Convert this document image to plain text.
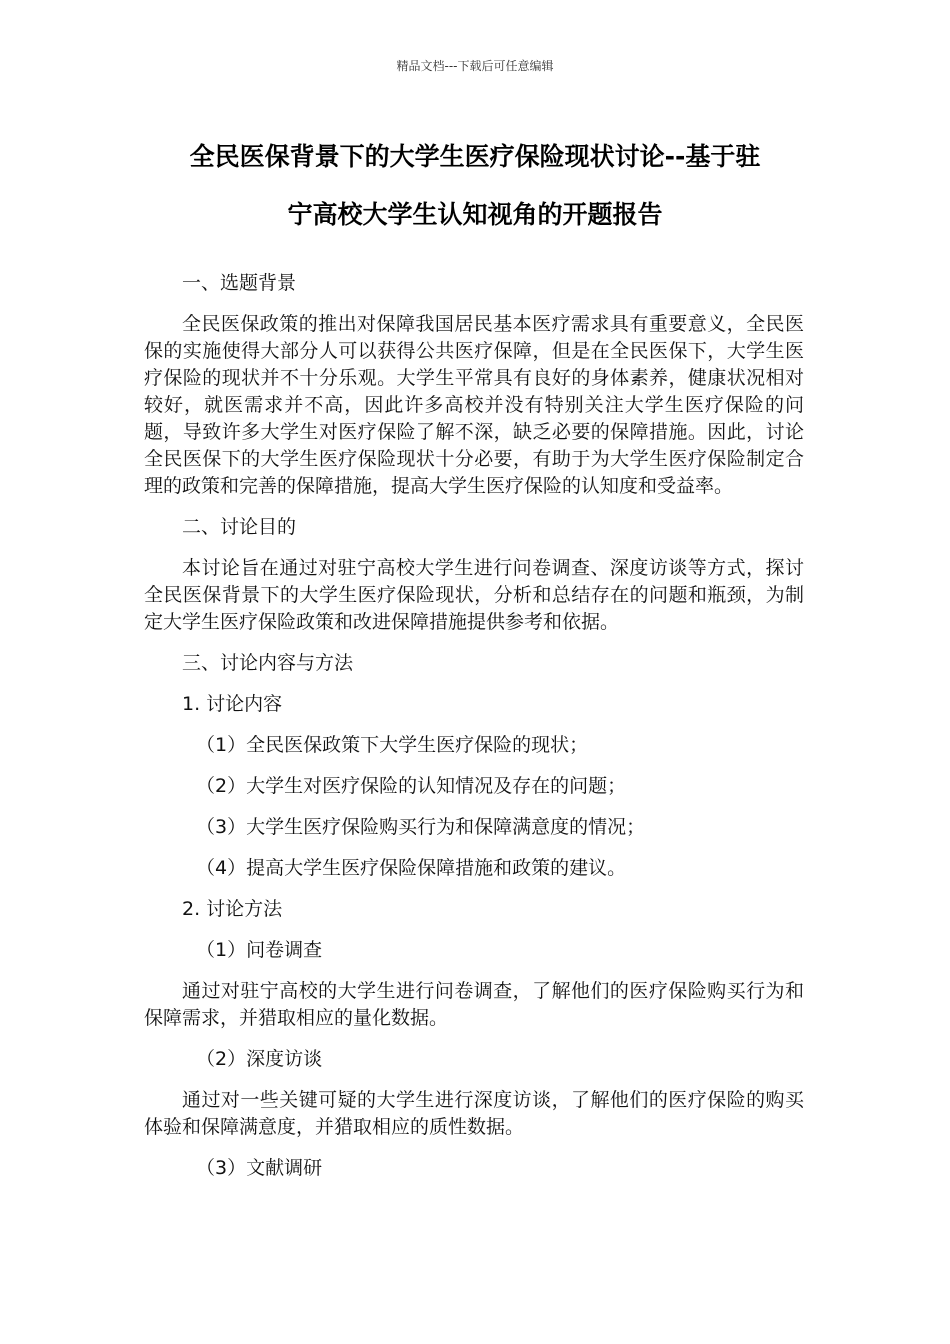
精品文档---下载后可任意编辑
全民医保背景下的大学生医疗保险现状讨论--基于驻
宁高校大学生认知视角的开题报告

一、选题背景

全民医保政策的推出对保障我国居民基本医疗需求具有重要意义，全民医保的实施使得大部分人可以获得公共医疗保障，但是在全民医保下，大学生医疗保险的现状并不十分乐观。大学生平常具有良好的身体素养，健康状况相对较好，就医需求并不高，因此许多高校并没有特别关注大学生医疗保险的问题，导致许多大学生对医疗保险了解不深，缺乏必要的保障措施。因此，讨论全民医保下的大学生医疗保险现状十分必要，有助于为大学生医疗保险制定合理的政策和完善的保障措施，提高大学生医疗保险的认知度和受益率。

二、讨论目的

本讨论旨在通过对驻宁高校大学生进行问卷调查、深度访谈等方式，探讨全民医保背景下的大学生医疗保险现状，分析和总结存在的问题和瓶颈，为制定大学生医疗保险政策和改进保障措施提供参考和依据。

三、讨论内容与方法

1. 讨论内容

（1）全民医保政策下大学生医疗保险的现状；

（2）大学生对医疗保险的认知情况及存在的问题；

（3）大学生医疗保险购买行为和保障满意度的情况；

（4）提高大学生医疗保险保障措施和政策的建议。

2. 讨论方法

（1）问卷调查

通过对驻宁高校的大学生进行问卷调查，了解他们的医疗保险购买行为和保障需求，并猎取相应的量化数据。

（2）深度访谈

通过对一些关键可疑的大学生进行深度访谈，了解他们的医疗保险的购买体验和保障满意度，并猎取相应的质性数据。

（3）文献调研
